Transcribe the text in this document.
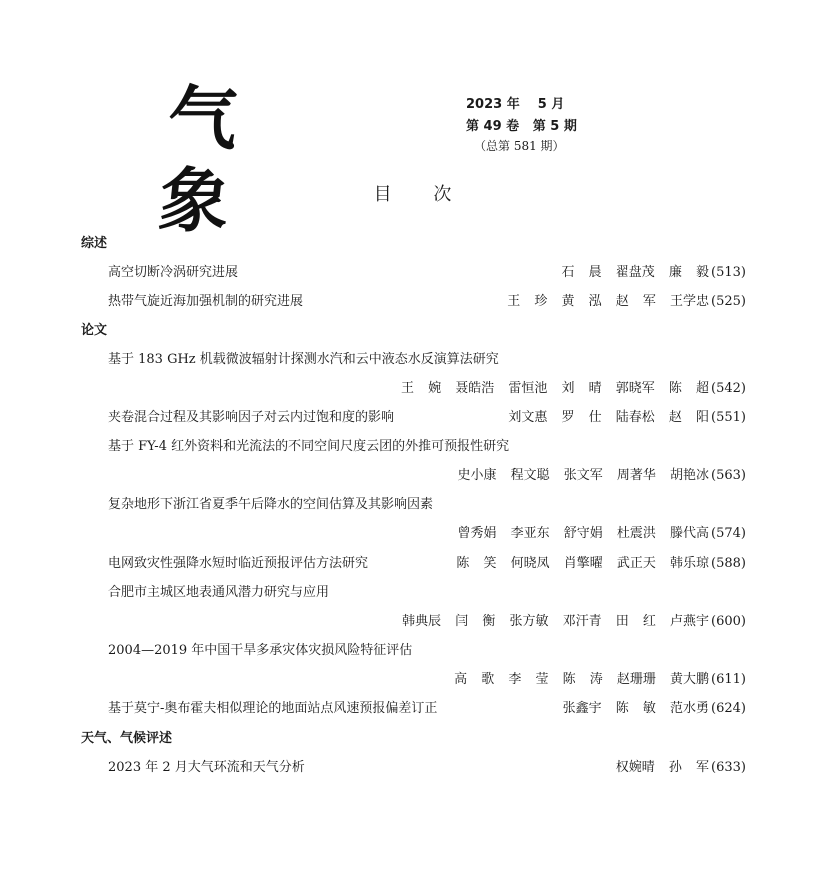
气象
2023 年    5 月
第 49 卷   第 5 期
（总第 581 期）
目 次
综述
高空切断冷涡研究进展	石 晨 翟盘茂 廉 毅 (513)
热带气旋近海加强机制的研究进展	王 珍 黄 泓 赵 军 王学忠 (525)
论文
基于 183 GHz 机载微波辐射计探测水汽和云中液态水反演算法研究
王 婉 聂皓浩 雷恒池 刘 晴 郭晓军 陈 超 (542)
夹卷混合过程及其影响因子对云内过饱和度的影响	刘文惠 罗 仕 陆春松 赵 阳 (551)
基于 FY-4 红外资料和光流法的不同空间尺度云团的外推可预报性研究
史小康 程文聪 张文军 周著华 胡艳冰 (563)
复杂地形下浙江省夏季午后降水的空间估算及其影响因素
曾秀娟 李亚东 舒守娟 杜震洪 滕代高 (574)
电网致灾性强降水短时临近预报评估方法研究	陈 笑 何晓凤 肖擎曜 武正天 韩乐琼 (588)
合肥市主城区地表通风潜力研究与应用
韩典辰 闫 衡 张方敏 邓汗青 田 红 卢燕宇 (600)
2004—2019 年中国干旱多承灾体灾损风险特征评估
高 歌 李 莹 陈 涛 赵珊珊 黄大鹏 (611)
基于莫宁-奥布霍夫相似理论的地面站点风速预报偏差订正	张鑫宇 陈 敏 范水勇 (624)
天气、气候评述
2023 年 2 月大气环流和天气分析	权婉晴 孙 军 (633)
